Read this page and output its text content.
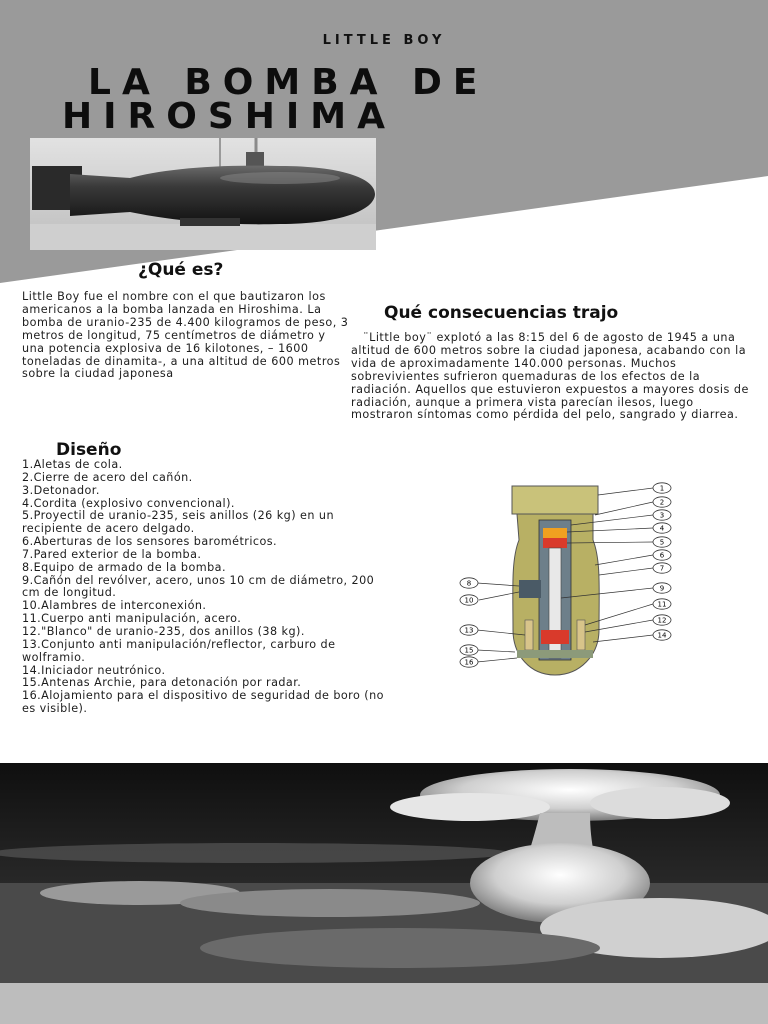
LITTLE BOY
LA BOMBA DE
HIROSHIMA
¿Qué es?
Little Boy fue el nombre con el que bautizaron los americanos a la bomba lanzada en Hiroshima. La bomba de uranio-235 de 4.400 kilogramos de peso, 3 metros de longitud, 75 centímetros de diámetro y una potencia explosiva de 16 kilotones, – 1600 toneladas de dinamita-, a una altitud de 600 metros sobre la ciudad japonesa
Qué consecuencias trajo
¨Little boy¨ explotó a las 8:15 del 6 de agosto de 1945 a una altitud de 600 metros sobre la ciudad japonesa, acabando con la vida de aproximadamente 140.000 personas. Muchos sobrevivientes sufrieron quemaduras de los efectos de la radiación. Aquellos que estuvieron expuestos a mayores dosis de radiación, aunque a primera vista parecían ilesos, luego mostraron síntomas como pérdida del pelo, sangrado y diarrea.
Diseño
1.Aletas de cola.
2.Cierre de acero del cañón.
3.Detonador.
4.Cordita (explosivo convencional).
5.Proyectil de uranio-235, seis anillos (26 kg) en un recipiente de acero delgado.
6.Aberturas de los sensores barométricos.
7.Pared exterior de la bomba.
8.Equipo de armado de la bomba.
9.Cañón del revólver, acero, unos 10 cm de diámetro, 200 cm de longitud.
10.Alambres de interconexión.
11.Cuerpo anti manipulación, acero.
12."Blanco" de uranio-235, dos anillos (38 kg).
13.Conjunto anti manipulación/reflector, carburo de wolframio.
14.Iniciador neutrónico.
15.Antenas Archie, para detonación por radar.
16.Alojamiento para el dispositivo de seguridad de boro (no es visible).
1
2
3
4
5
6
7
9
11
12
14
8
10
13
15
16
